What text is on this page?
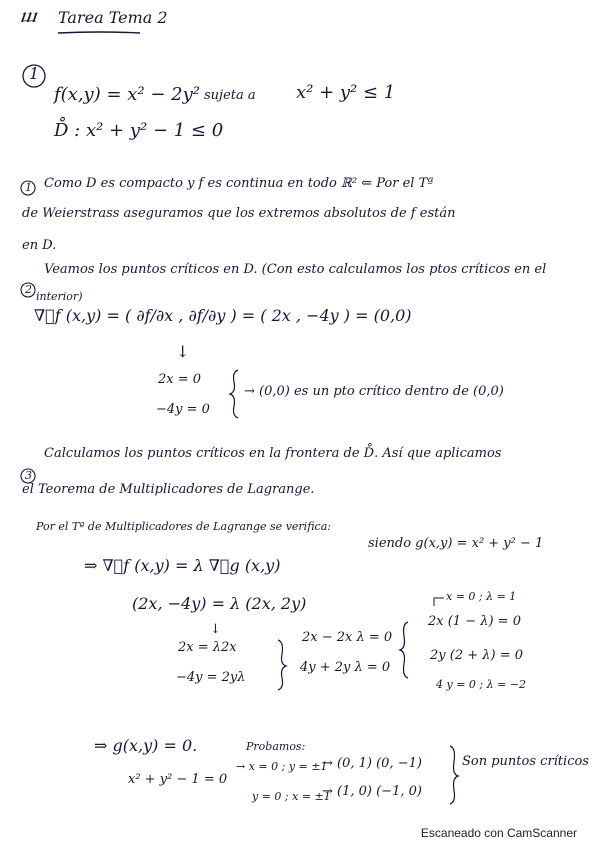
ⴍ Tarea Tema 2
1
f(x,y) = x² − 2y² sujeta a x² + y² ≤ 1
D̊ : x² + y² − 1 ≤ 0
1 Como D es compacto y f es continua en todo ℝ² ⇐ Por el Tª
de Weierstrass aseguramos que los extremos absolutos de f están
en D.
2
Veamos los puntos críticos en D. (Con esto calculamos los ptos críticos en el
interior)
∇⃗f (x,y) = ( ∂f/∂x , ∂f/∂y ) = ( 2x , −4y ) = (0,0)
↓
2x = 0
−4y = 0
→ (0,0) es un pto crítico dentro de (0,0)
3
Calculamos los puntos críticos en la frontera de D̊. Así que aplicamos
el Teorema de Multiplicadores de Lagrange.
Por el Tª de Multiplicadores de Lagrange se verifica:
siendo g(x,y) = x² + y² − 1
⇒ ∇⃗f (x,y) = λ ∇⃗g (x,y)
(2x, −4y) = λ (2x, 2y)
↓
2x = λ2x
−4y = 2yλ
2x − 2x λ = 0
4y + 2y λ = 0
x = 0 ; λ = 1
2x (1 − λ) = 0
2y (2 + λ) = 0
4 y = 0 ; λ = −2
⇒ g(x,y) = 0.	Probamos:
x² + y² − 1 = 0
→ x = 0 ; y = ±1
→ (0, 1) (0, −1)
y = 0 ; x = ±1
→ (1, 0) (−1, 0)
Son puntos críticos
Escaneado con CamScanner
